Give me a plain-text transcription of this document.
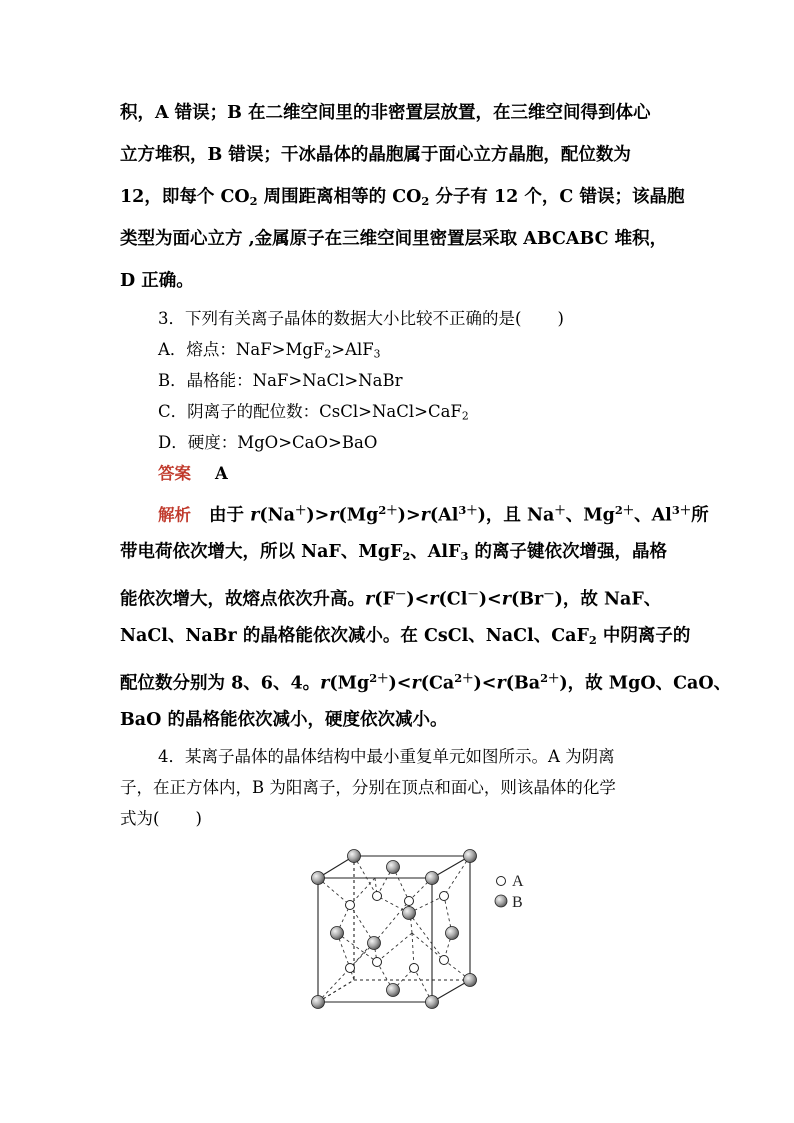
积，A 错误；B 在二维空间里的非密置层放置，在三维空间得到体心
立方堆积，B 错误；干冰晶体的晶胞属于面心立方晶胞，配位数为
12，即每个 $CO_2$ 周围距离相等的 $CO_2$ 分子有 12 个，C 错误；该晶胞
类型为面心立方 ,金属原子在三维空间里密置层采取 ABCABC 堆积，
D 正确。
3．下列有关离子晶体的数据大小比较不正确的是( )
A．熔点：NaF>MgF$_2$>AlF$_3$
B．晶格能：NaF>NaCl>NaBr
C．阴离子的配位数：CsCl>NaCl>CaF$_2$
D．硬度：MgO>CaO>BaO
答案 A
解析 由于 $r(Na^+)>r(Mg^{2+})>r(Al^{3+})$，且 Na＋、$Mg^{2+}$、$Al^{3+}$所
带电荷依次增大，所以 NaF、MgF$_2$、AlF$_3$ 的离子键依次增强，晶格
能依次增大，故熔点依次升高。r(F－)<r(Cl－)<r(Br－)，故 NaF、
NaCl、NaBr 的晶格能依次减小。在 CsCl、NaCl、CaF$_2$ 中阴离子的
配位数分别为 8、6、4。$r(Mg^{2+})<r(Ca^{2+})<r(Ba^{2+})$，故 MgO、CaO、
BaO 的晶格能依次减小，硬度依次减小。
4．某离子晶体的晶体结构中最小重复单元如图所示。A 为阴离
子，在正方体内，B 为阳离子，分别在顶点和面心，则该晶体的化学
式为( )
A
B
